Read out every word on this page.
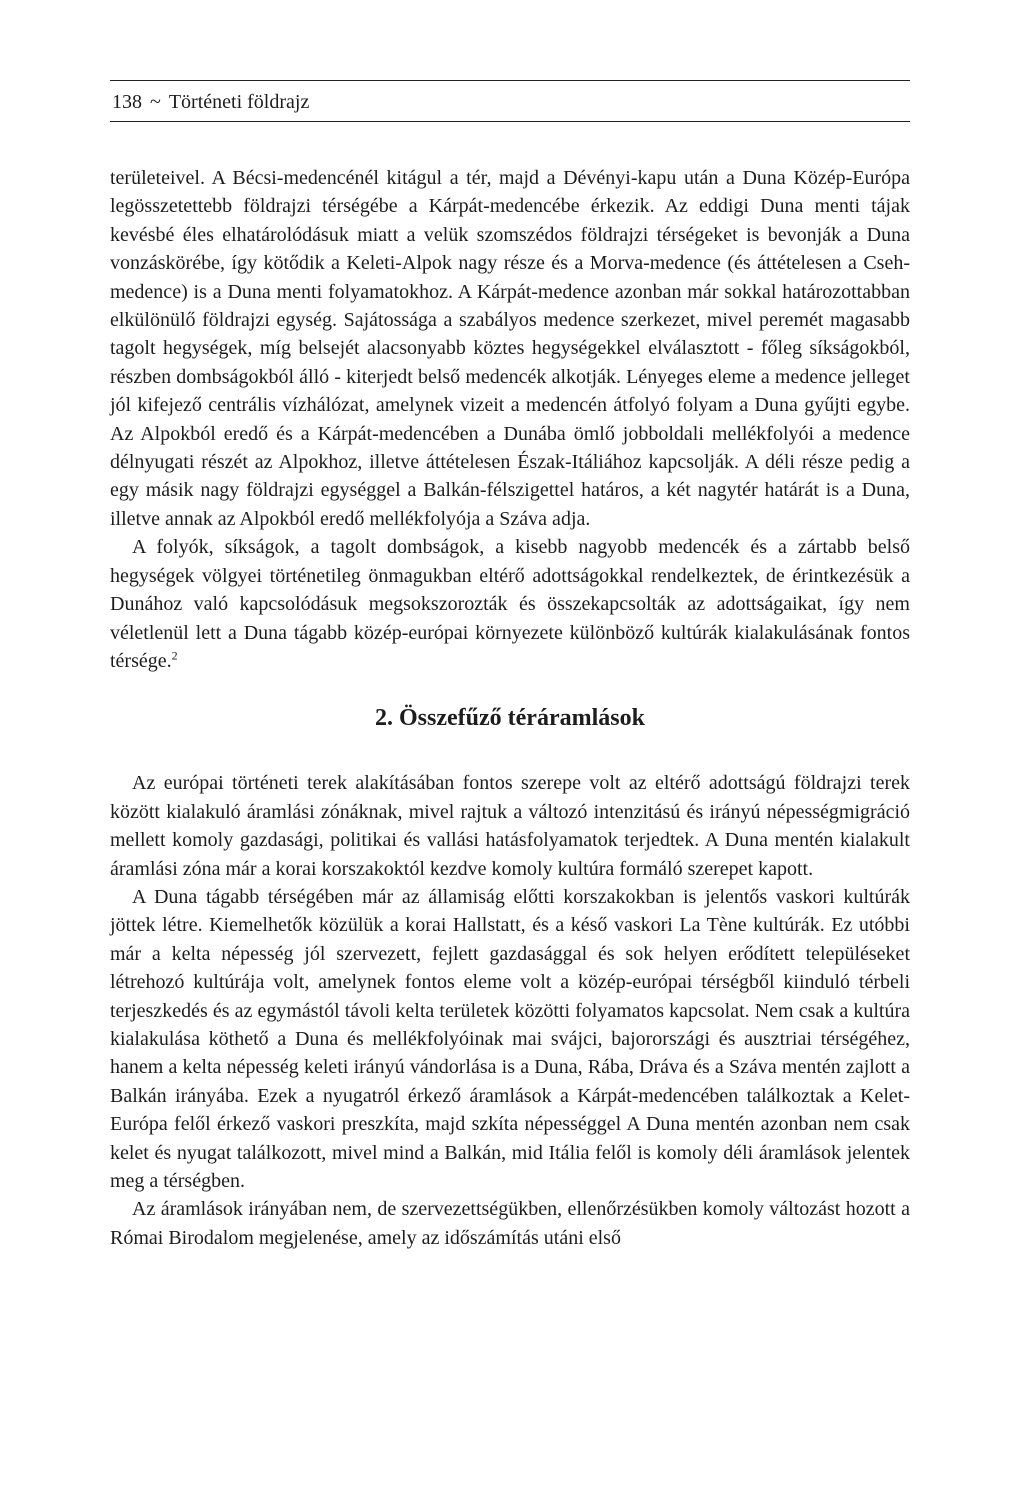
138 ~ Történeti földrajz

területeivel. A Bécsi-medencénél kitágul a tér, majd a Dévényi-kapu után a Duna Közép-Európa legösszetettebb földrajzi térségébe a Kárpát-medencébe érkezik. Az eddigi Duna menti tájak kevésbé éles elhatárolódásuk miatt a velük szomszédos földrajzi térségeket is bevonják a Duna vonzáskörébe, így kötődik a Keleti-Alpok nagy része és a Morva-medence (és áttételesen a Cseh-medence) is a Duna menti folyamatokhoz. A Kárpát-medence azonban már sokkal határozottabban elkülönülő földrajzi egység. Sajátossága a szabályos medence szerkezet, mivel peremét magasabb tagolt hegységek, míg belsejét alacsonyabb köztes hegységekkel elválasztott - főleg síkságokból, részben dombságokból álló - kiterjedt belső medencék alkotják. Lényeges eleme a medence jelleget jól kifejező centrális vízhálózat, amelynek vizeit a medencén átfolyó folyam a Duna gyűjti egybe. Az Alpokból eredő és a Kárpát-medencében a Dunába ömlő jobboldali mellékfolyói a medence délnyugati részét az Alpokhoz, illetve áttételesen Észak-Itáliához kapcsolják. A déli része pedig a egy másik nagy földrajzi egységgel a Balkán-félszigettel határos, a két nagytér határát is a Duna, illetve annak az Alpokból eredő mellékfolyója a Száva adja.

A folyók, síkságok, a tagolt dombságok, a kisebb nagyobb medencék és a zártabb belső hegységek völgyei történetileg önmagukban eltérő adottságokkal rendelkeztek, de érintkezésük a Dunához való kapcsolódásuk megsokszorozták és összekapcsolták az adottságaikat, így nem véletlenül lett a Duna tágabb közép-európai környezete különböző kultúrák kialakulásának fontos térsége.$^2$

2. Összefűző téráramlások

Az európai történeti terek alakításában fontos szerepe volt az eltérő adottságú földrajzi terek között kialakuló áramlási zónáknak, mivel rajtuk a változó intenzitású és irányú népességmigráció mellett komoly gazdasági, politikai és vallási hatásfolyamatok terjedtek. A Duna mentén kialakult áramlási zóna már a korai korszakoktól kezdve komoly kultúra formáló szerepet kapott.

A Duna tágabb térségében már az államiság előtti korszakokban is jelentős vaskori kultúrák jöttek létre. Kiemelhetők közülük a korai Hallstatt, és a késő vaskori La Tène kultúrák. Ez utóbbi már a kelta népesség jól szervezett, fejlett gazdasággal és sok helyen erődített településeket létrehozó kultúrája volt, amelynek fontos eleme volt a közép-európai térségből kiinduló térbeli terjeszkedés és az egymástól távoli kelta területek közötti folyamatos kapcsolat. Nem csak a kultúra kialakulása köthető a Duna és mellékfolyóinak mai svájci, bajorországi és ausztriai térségéhez, hanem a kelta népesség keleti irányú vándorlása is a Duna, Rába, Dráva és a Száva mentén zajlott a Balkán irányába. Ezek a nyugatról érkező áramlások a Kárpát-medencében találkoztak a Kelet-Európa felől érkező vaskori preszkíta, majd szkíta népességgel A Duna mentén azonban nem csak kelet és nyugat találkozott, mivel mind a Balkán, mid Itália felől is komoly déli áramlások jelentek meg a térségben.

Az áramlások irányában nem, de szervezettségükben, ellenőrzésükben komoly változást hozott a Római Birodalom megjelenése, amely az időszámítás utáni első
